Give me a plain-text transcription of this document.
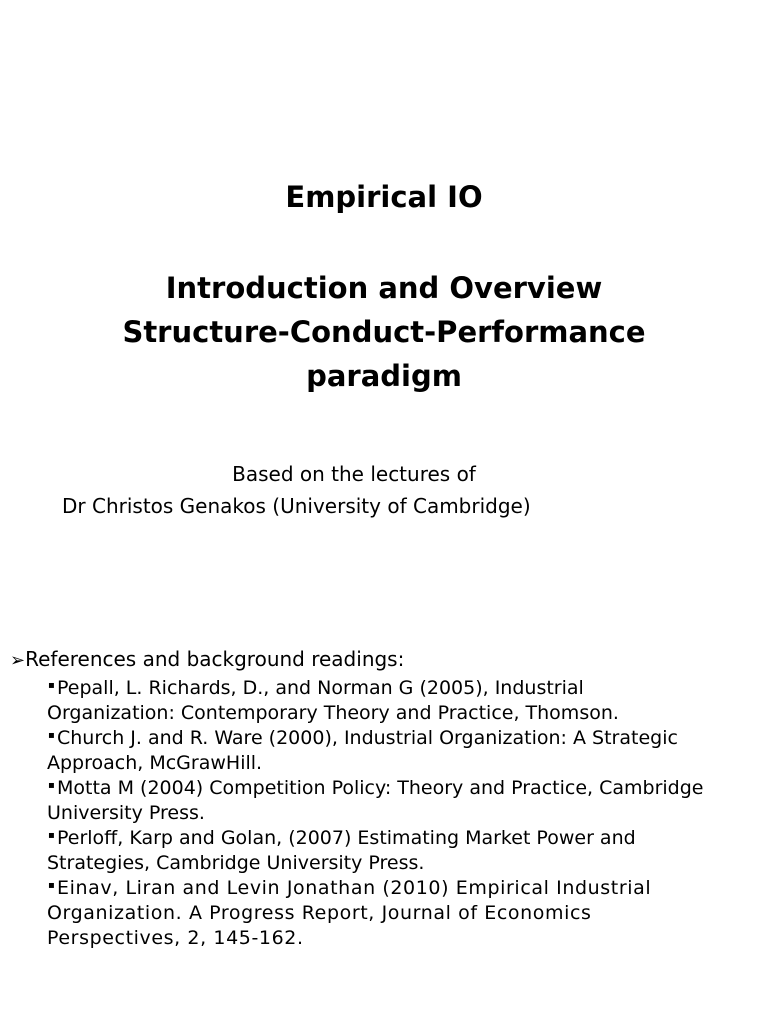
Empirical IO
Introduction and Overview
Structure-Conduct-Performance
paradigm
Based on the lectures of
Dr Christos Genakos (University of Cambridge)
➢References and background readings:
▪ Pepall, L. Richards, D., and Norman G (2005), Industrial
Organization: Contemporary Theory and Practice, Thomson.
▪ Church J. and R. Ware (2000), Industrial Organization: A Strategic
Approach, McGrawHill.
▪ Motta M (2004) Competition Policy: Theory and Practice, Cambridge
University Press.
▪ Perloff, Karp and Golan, (2007) Estimating Market Power and
Strategies, Cambridge University Press.
▪ Einav, Liran and Levin Jonathan (2010) Empirical Industrial
Organization. A Progress Report, Journal of Economics
Perspectives, 2, 145-162.
